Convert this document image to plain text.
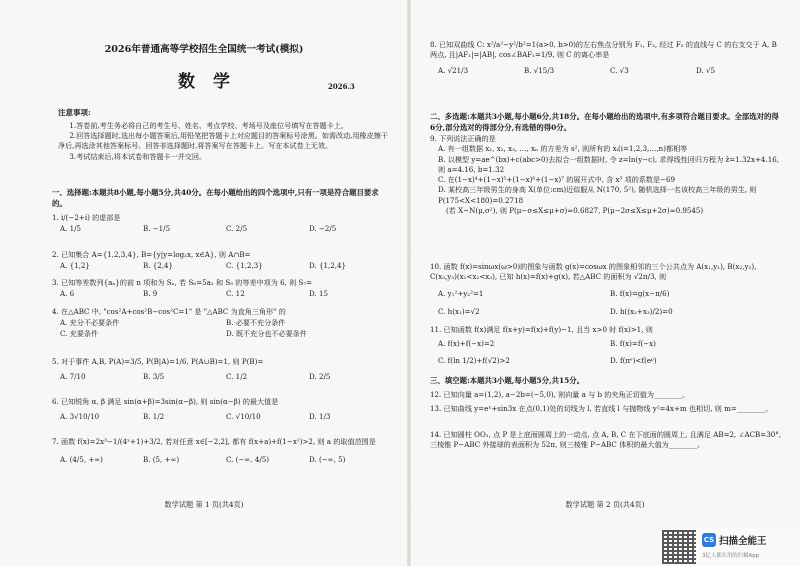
2026年普通高等学校招生全国统一考试(模拟)
数学	2026.3
注意事项:

1.答卷前,考生务必将自己的考生号、姓名、考点学校、考场号及座位号填写在答题卡上。

2.回答选择题时,选出每小题答案后,用铅笔把答题卡上对应题目的答案标号涂黑。如需改动,用橡皮擦干净后,再选涂其他答案标号。回答非选择题时,将答案写在答题卡上。写在本试卷上无效。

3.考试结束后,将本试卷和答题卡一并交回。

一、选择题:本题共8小题,每小题5分,共40分。在每小题给出的四个选项中,只有一项是符合题目要求的。

1. i/(−2+i) 的虚部是

A. 1/5	B. −1/5	C. 2/5	D. −2/5

2. 已知集合 A={1,2,3,4}, B={y|y=log₂x, x∈A}, 则 A∩B=

A. {1,2}	B. {2,4}	C. {1,2,3}	D. {1,2,4}

3. 已知等差数列{aₙ}的前 n 项和为 Sₙ, 若 S₆=5a₂ 和 S₅ 的等差中项为 6, 则 S₇=

A. 6	B. 9	C. 12	D. 15

4. 在△ABC 中, "cos²A+cos²B−cos²C=1" 是 "△ABC 为直角三角形" 的

A. 充分不必要条件	B. 必要不充分条件
C. 充要条件	D. 既不充分也不必要条件

5. 对于事件 A,B, P(A)=3/5, P(B|A)=1/6, P(A∪B)=1, 则 P(B)=

A. 7/10	B. 3/5	C. 1/2	D. 2/5

6. 已知锐角 α, β 满足 sin(α+β)=3sin(α−β), 则 sin(α−β) 的最大值是

A. 3√10/10	B. 1/2	C. √10/10	D. 1/3

7. 函数 f(x)=2x³−1/(4ˣ+1)+3/2, 若对任意 x∈[−2,2], 都有 f(x+a)+f(1−x²)>2, 则 a 的取值范围是

A. (4/5, +∞)	B. (5, +∞)	C. (−∞, 4/5)	D. (−∞, 5)
数学试题 第 1 页(共4页)

8. 已知双曲线 C: x²/a²−y²/b²=1(a>0, b>0)的左右焦点分别为 F₁, F₂, 经过 F₂ 的直线与 C 的右支交于 A, B 两点, 且|AF₁|=|AB|, cos∠BAF₁=1/9, 则 C 的离心率是

A. √21/3	B. √15/3	C. √3	D. √5
二、多选题:本题共3小题,每小题6分,共18分。在每小题给出的选项中,有多项符合题目要求。全部选对的得6分,部分选对的得部分分,有选错的得0分。

9. 下列说法正确的是

A. 有一组数据 x₁, x₂, x₃, …, xₙ 的方差为 s², 则所有的 xᵢ(i=1,2,3,…,n)都相等

B. 以模型 y=ae^(bx)+c(abc>0)去拟合一组数据时, 令 z=ln(y−c), 求得线性回归方程为 ẑ=1.32x+4.16, 则 a=4.16, b=1.32

C. 在(1−x)⁴+(1−x)⁵+(1−x)⁶+(1−x)⁷ 的展开式中, 含 x³ 项的系数是−69

D. 某校高三年级男生的身高 X(单位:cm)近似服从 N(170, 5²), 随机选择一名该校高三年级的男生, 则 P(175<X<180)=0.2718

(若 X~N(μ,σ²), 则 P(μ−σ≤X≤μ+σ)≈0.6827, P(μ−2σ≤X≤μ+2σ)≈0.9545)

10. 函数 f(x)=sinωx(ω>0)的图象与函数 g(x)=cosωx 的图象相邻的三个公共点为 A(x₁,y₁), B(x₂,y₂), C(x₃,y₃)(x₁<x₂<x₃), 已知 h(x)=f(x)+g(x), 若△ABC 的面积为 √2π/3, 则

A. y₁²+y₂²=1	B. f(x)=g(x−π/6)
C. h(x₁)=√2	D. h((x₂+x₃)/2)=0

11. 已知函数 f(x)满足 f(x+y)=f(x)+f(y)−1, 且当 x>0 时 f(x)>1, 则

A. f(x)+f(−x)=2	B. f(x)=f(−x)
C. f(ln 1/2)+f(√2)>2	D. f(πᵉ)<f(eᵖ)
三、填空题:本题共3小题,每小题5分,共15分。

12. 已知向量 a=(1,2), a−2b=(−5,0), 则向量 a 与 b 的夹角正切值为________。

13. 已知曲线 y=eˣ+sin3x 在点(0,1)处的切线为 l, 若直线 l 与抛物线 y²=4x+m 也相切, 则 m=________。

14. 已知圆柱 OO₁, 点 P 是上底面圆周上的一动点, 点 A, B, C 在下底面的圆周上, 且满足 AB=2, ∠ACB=30°, 三棱锥 P−ABC 外接球的表面积为 52π, 则三棱锥 P−ABC 体积的最大值为________。

数学试题 第 2 页(共4页)
CS 扫描全能王
3亿人都在用的扫描App
